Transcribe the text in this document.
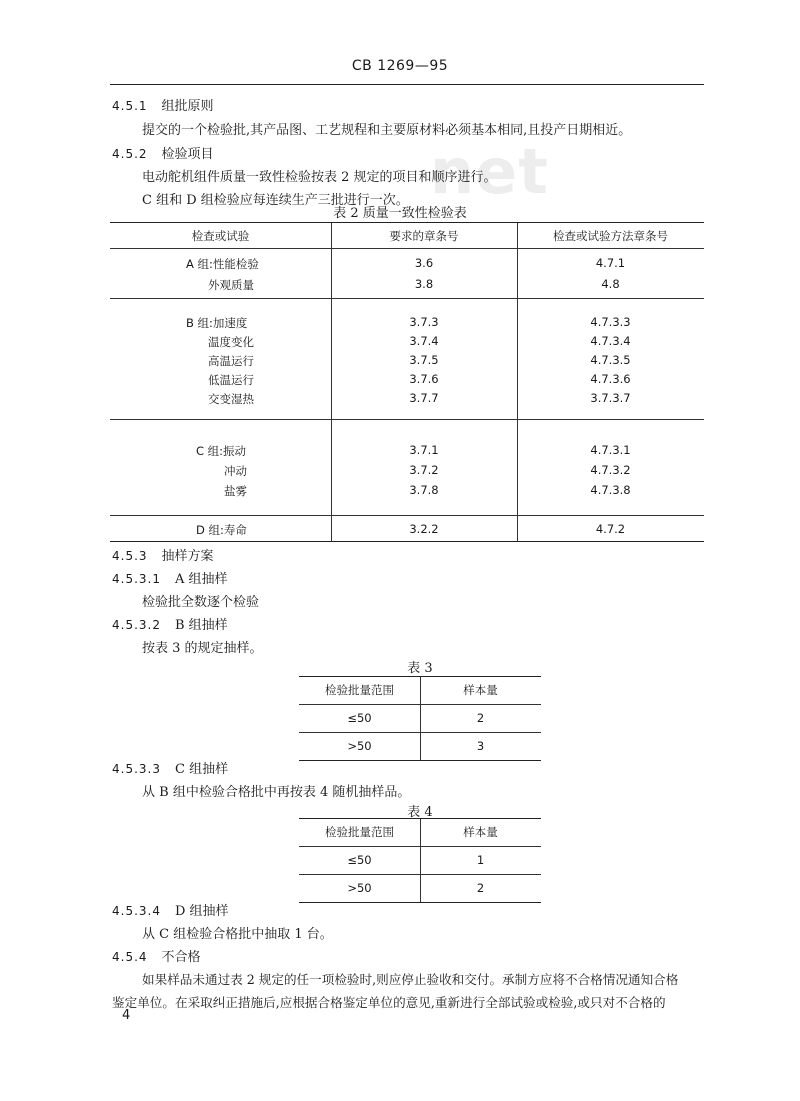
net
CB 1269—95
4.5.1 组批原则
提交的一个检验批,其产品图、工艺规程和主要原材料必须基本相同,且投产日期相近。
4.5.2 检验项目
电动舵机组件质量一致性检验按表 2 规定的项目和顺序进行。
C 组和 D 组检验应每连续生产三批进行一次。
表 2 质量一致性检验表
检查或试验	要求的章条号	检查或试验方法章条号
A 组:性能检验	3.6	4.7.1
外观质量	3.8	4.8
B 组:加速度	3.7.3	4.7.3.3
温度变化	3.7.4	4.7.3.4
高温运行	3.7.5	4.7.3.5
低温运行	3.7.6	4.7.3.6
交变湿热	3.7.7	3.7.3.7
C 组:振动	3.7.1	4.7.3.1
冲动	3.7.2	4.7.3.2
盐雾	3.7.8	4.7.3.8
D 组:寿命	3.2.2	4.7.2
4.5.3 抽样方案
4.5.3.1 A 组抽样
检验批全数逐个检验
4.5.3.2 B 组抽样
按表 3 的规定抽样。
表 3
检验批量范围	样本量
≤50	2
>50	3
4.5.3.3 C 组抽样
从 B 组中检验合格批中再按表 4 随机抽样品。
表 4
检验批量范围	样本量
≤50	1
>50	2
4.5.3.4 D 组抽样
从 C 组检验合格批中抽取 1 台。
4.5.4 不合格
如果样品未通过表 2 规定的任一项检验时,则应停止验收和交付。承制方应将不合格情况通知合格
鉴定单位。在采取纠正措施后,应根据合格鉴定单位的意见,重新进行全部试验或检验,或只对不合格的
4
